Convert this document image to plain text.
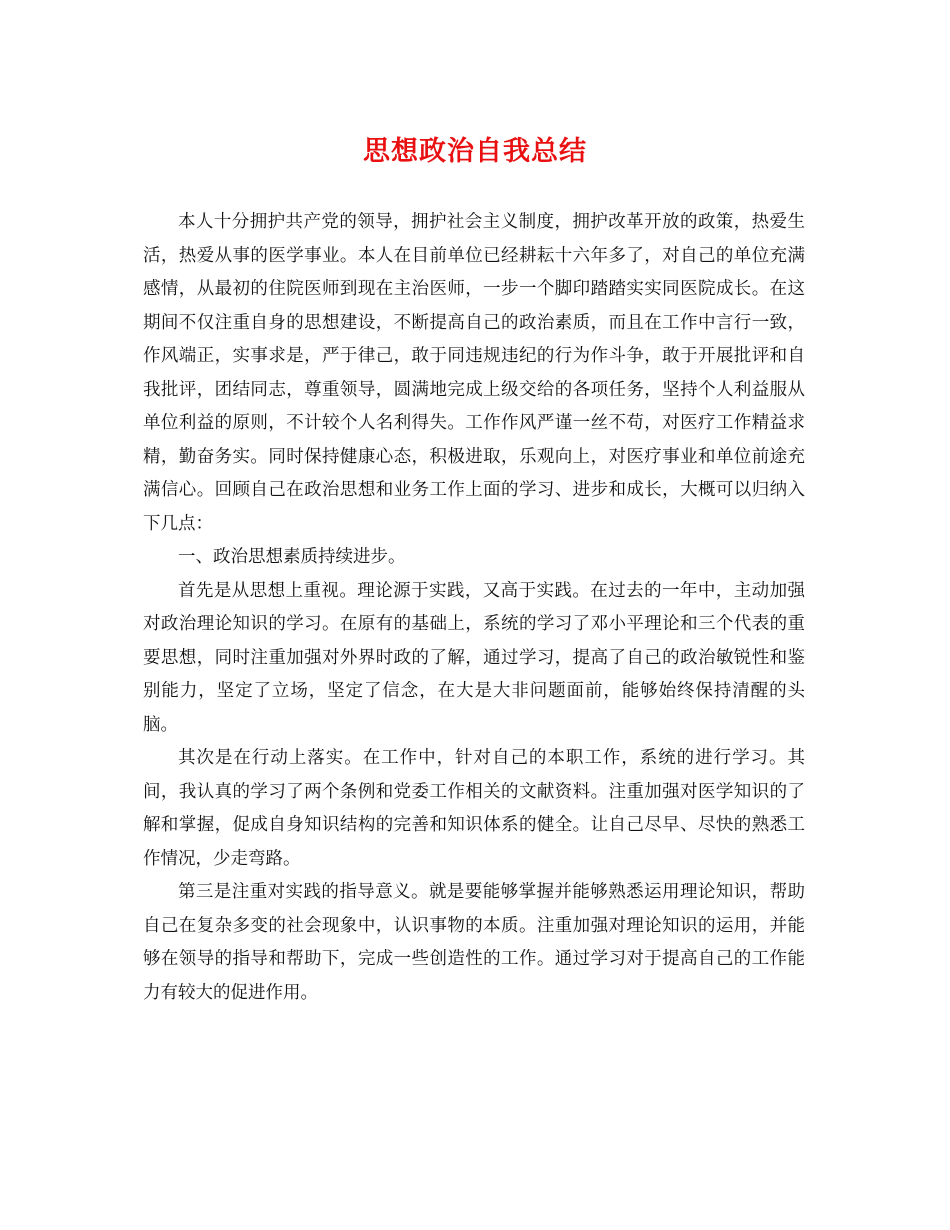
思想政治自我总结

本人十分拥护共产党的领导，拥护社会主义制度，拥护改革开放的政策，热爱生活，热爱从事的医学事业。本人在目前单位已经耕耘十六年多了，对自己的单位充满感情，从最初的住院医师到现在主治医师，一步一个脚印踏踏实实同医院成长。在这期间不仅注重自身的思想建设，不断提高自己的政治素质，而且在工作中言行一致，作风端正，实事求是，严于律己，敢于同违规违纪的行为作斗争，敢于开展批评和自我批评，团结同志，尊重领导，圆满地完成上级交给的各项任务，坚持个人利益服从单位利益的原则，不计较个人名利得失。工作作风严谨一丝不苟，对医疗工作精益求精，勤奋务实。同时保持健康心态，积极进取，乐观向上，对医疗事业和单位前途充满信心。回顾自己在政治思想和业务工作上面的学习、进步和成长，大概可以归纳入下几点：

一、政治思想素质持续进步。

首先是从思想上重视。理论源于实践，又高于实践。在过去的一年中，主动加强对政治理论知识的学习。在原有的基础上，系统的学习了邓小平理论和三个代表的重要思想，同时注重加强对外界时政的了解，通过学习，提高了自己的政治敏锐性和鉴别能力，坚定了立场，坚定了信念，在大是大非问题面前，能够始终保持清醒的头脑。

其次是在行动上落实。在工作中，针对自己的本职工作，系统的进行学习。其间，我认真的学习了两个条例和党委工作相关的文献资料。注重加强对医学知识的了解和掌握，促成自身知识结构的完善和知识体系的健全。让自己尽早、尽快的熟悉工作情况，少走弯路。

第三是注重对实践的指导意义。就是要能够掌握并能够熟悉运用理论知识，帮助自己在复杂多变的社会现象中，认识事物的本质。注重加强对理论知识的运用，并能够在领导的指导和帮助下，完成一些创造性的工作。通过学习对于提高自己的工作能力有较大的促进作用。
